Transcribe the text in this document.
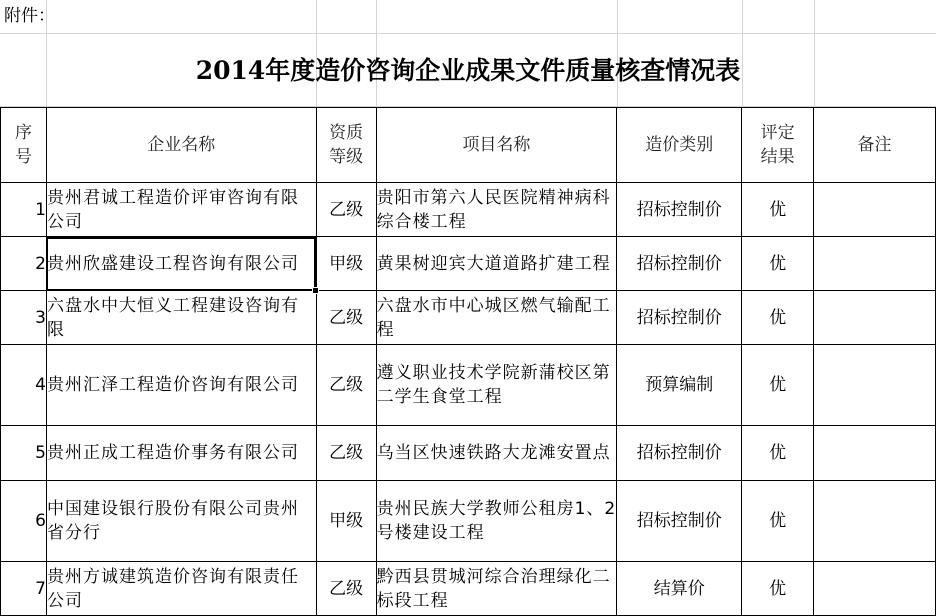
附件：
2014年度造价咨询企业成果文件质量核查情况表
序号	企业名称	资质等级	项目名称	造价类别	评定结果	备注
1	贵州君诚工程造价评审咨询有限公司	乙级	贵阳市第六人民医院精神病科综合楼工程	招标控制价	优	
2	贵州欣盛建设工程咨询有限公司	甲级	黄果树迎宾大道道路扩建工程	招标控制价	优	
3	六盘水中大恒义工程建设咨询有限	乙级	六盘水市中心城区燃气输配工程	招标控制价	优	
4	贵州汇泽工程造价咨询有限公司	乙级	遵义职业技术学院新蒲校区第二学生食堂工程	预算编制	优	
5	贵州正成工程造价事务有限公司	乙级	乌当区快速铁路大龙滩安置点	招标控制价	优	
6	中国建设银行股份有限公司贵州省分行	甲级	贵州民族大学教师公租房1、2号楼建设工程	招标控制价	优	
7	贵州方诚建筑造价咨询有限责任公司	乙级	黔西县贯城河综合治理绿化二标段工程	结算价	优	
